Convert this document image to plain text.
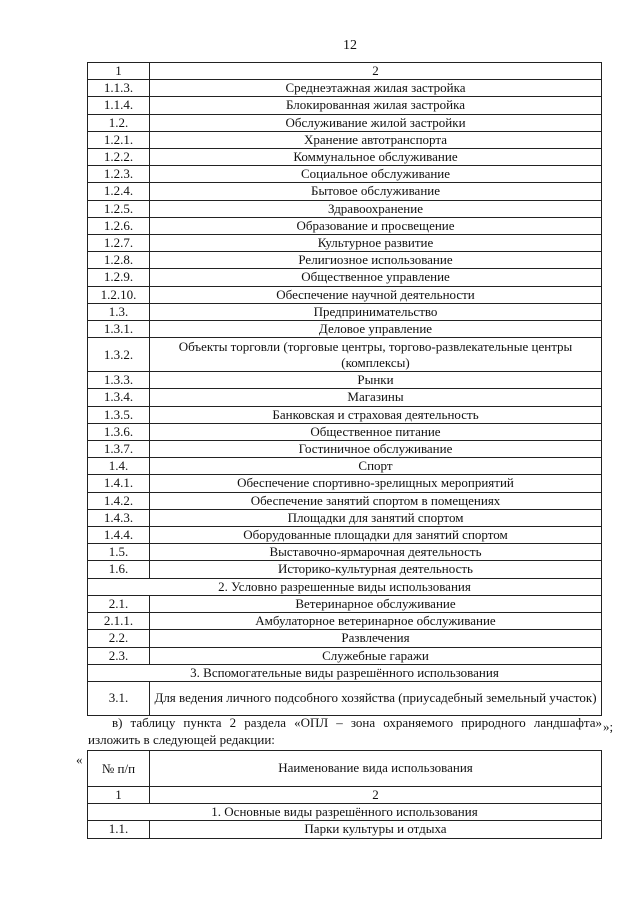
12
1	2
1.1.3.	Среднеэтажная жилая застройка
1.1.4.	Блокированная жилая застройка
1.2.	Обслуживание жилой застройки
1.2.1.	Хранение автотранспорта
1.2.2.	Коммунальное обслуживание
1.2.3.	Социальное обслуживание
1.2.4.	Бытовое обслуживание
1.2.5.	Здравоохранение
1.2.6.	Образование и просвещение
1.2.7.	Культурное развитие
1.2.8.	Религиозное использование
1.2.9.	Общественное управление
1.2.10.	Обеспечение научной деятельности
1.3.	Предпринимательство
1.3.1.	Деловое управление
1.3.2.	Объекты торговли (торговые центры, торгово-развлекательные центры (комплексы)
1.3.3.	Рынки
1.3.4.	Магазины
1.3.5.	Банковская и страховая деятельность
1.3.6.	Общественное питание
1.3.7.	Гостиничное обслуживание
1.4.	Спорт
1.4.1.	Обеспечение спортивно-зрелищных мероприятий
1.4.2.	Обеспечение занятий спортом в помещениях
1.4.3.	Площадки для занятий спортом
1.4.4.	Оборудованные площадки для занятий спортом
1.5.	Выставочно-ярмарочная деятельность
1.6.	Историко-культурная деятельность
2. Условно разрешенные виды использования	
2.1.	Ветеринарное обслуживание
2.1.1.	Амбулаторное ветеринарное обслуживание
2.2.	Развлечения
2.3.	Служебные гаражи
3. Вспомогательные виды разрешённого использования	
3.1.	Для ведения личного подсобного хозяйства (приусадебный земельный участок)
»;
в) таблицу пункта 2 раздела «ОПЛ – зона охраняемого природного ландшафта» изложить в следующей редакции:
«
№ п/п	Наименование вида использования
1	2
1. Основные виды разрешённого использования	
1.1.	Парки культуры и отдыха
